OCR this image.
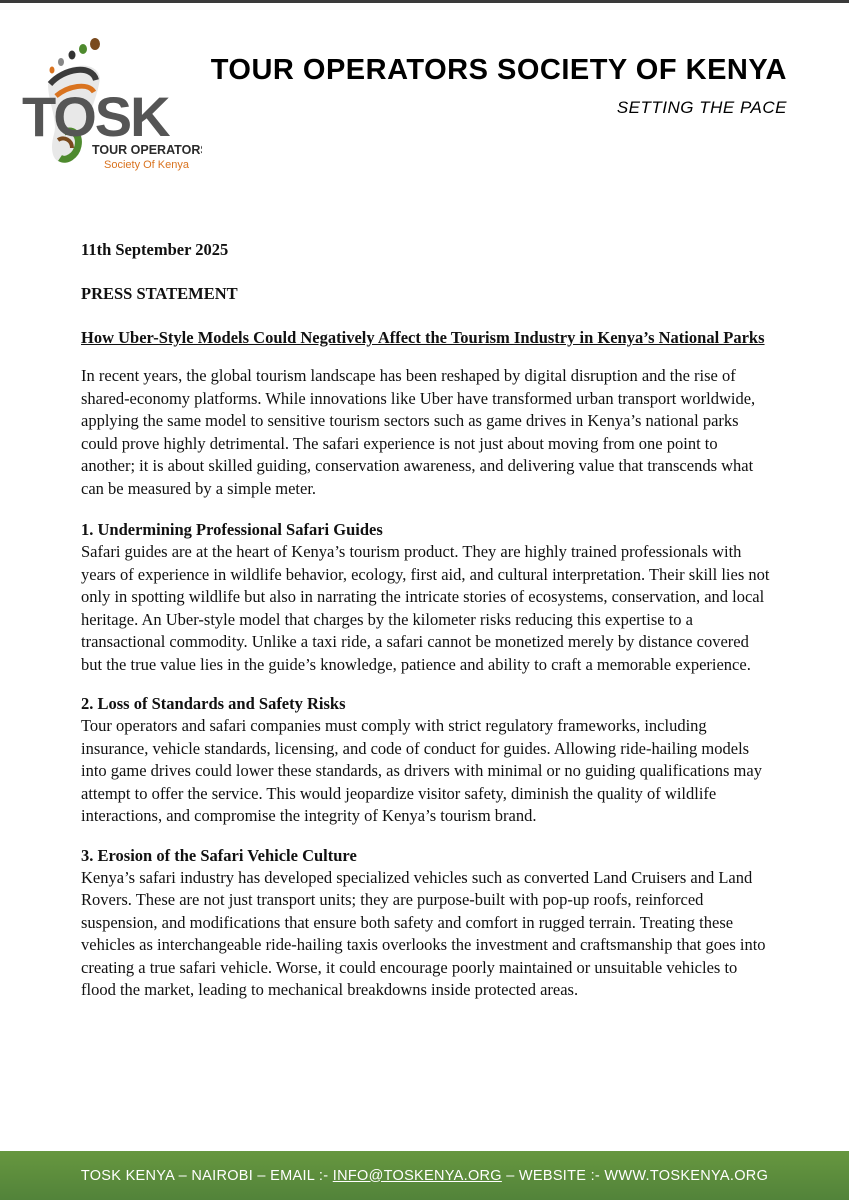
TOSK
TOUR OPERATORS
Society Of Kenya
TOUR OPERATORS SOCIETY OF KENYA
SETTING THE PACE

11th September 2025

PRESS STATEMENT

How Uber-Style Models Could Negatively Affect the Tourism Industry in Kenya’s National Parks

In recent years, the global tourism landscape has been reshaped by digital disruption and the rise of shared-economy platforms. While innovations like Uber have transformed urban transport worldwide, applying the same model to sensitive tourism sectors such as game drives in Kenya’s national parks could prove highly detrimental. The safari experience is not just about moving from one point to another; it is about skilled guiding, conservation awareness, and delivering value that transcends what can be measured by a simple meter.

1. Undermining Professional Safari Guides

Safari guides are at the heart of Kenya’s tourism product. They are highly trained professionals with years of experience in wildlife behavior, ecology, first aid, and cultural interpretation. Their skill lies not only in spotting wildlife but also in narrating the intricate stories of ecosystems, conservation, and local heritage. An Uber-style model that charges by the kilometer risks reducing this expertise to a transactional commodity. Unlike a taxi ride, a safari cannot be monetized merely by distance covered but the true value lies in the guide’s knowledge, patience and ability to craft a memorable experience.

2. Loss of Standards and Safety Risks

Tour operators and safari companies must comply with strict regulatory frameworks, including insurance, vehicle standards, licensing, and code of conduct for guides. Allowing ride-hailing models into game drives could lower these standards, as drivers with minimal or no guiding qualifications may attempt to offer the service. This would jeopardize visitor safety, diminish the quality of wildlife interactions, and compromise the integrity of Kenya’s tourism brand.

3. Erosion of the Safari Vehicle Culture

Kenya’s safari industry has developed specialized vehicles such as converted Land Cruisers and Land Rovers. These are not just transport units; they are purpose-built with pop-up roofs, reinforced suspension, and modifications that ensure both safety and comfort in rugged terrain. Treating these vehicles as interchangeable ride-hailing taxis overlooks the investment and craftsmanship that goes into creating a true safari vehicle. Worse, it could encourage poorly maintained or unsuitable vehicles to flood the market, leading to mechanical breakdowns inside protected areas.

TOSK KENYA – NAIROBI – EMAIL :-
INFO@TOSKENYA.ORG
– WEBSITE :- WWW.TOSKENYA.ORG
